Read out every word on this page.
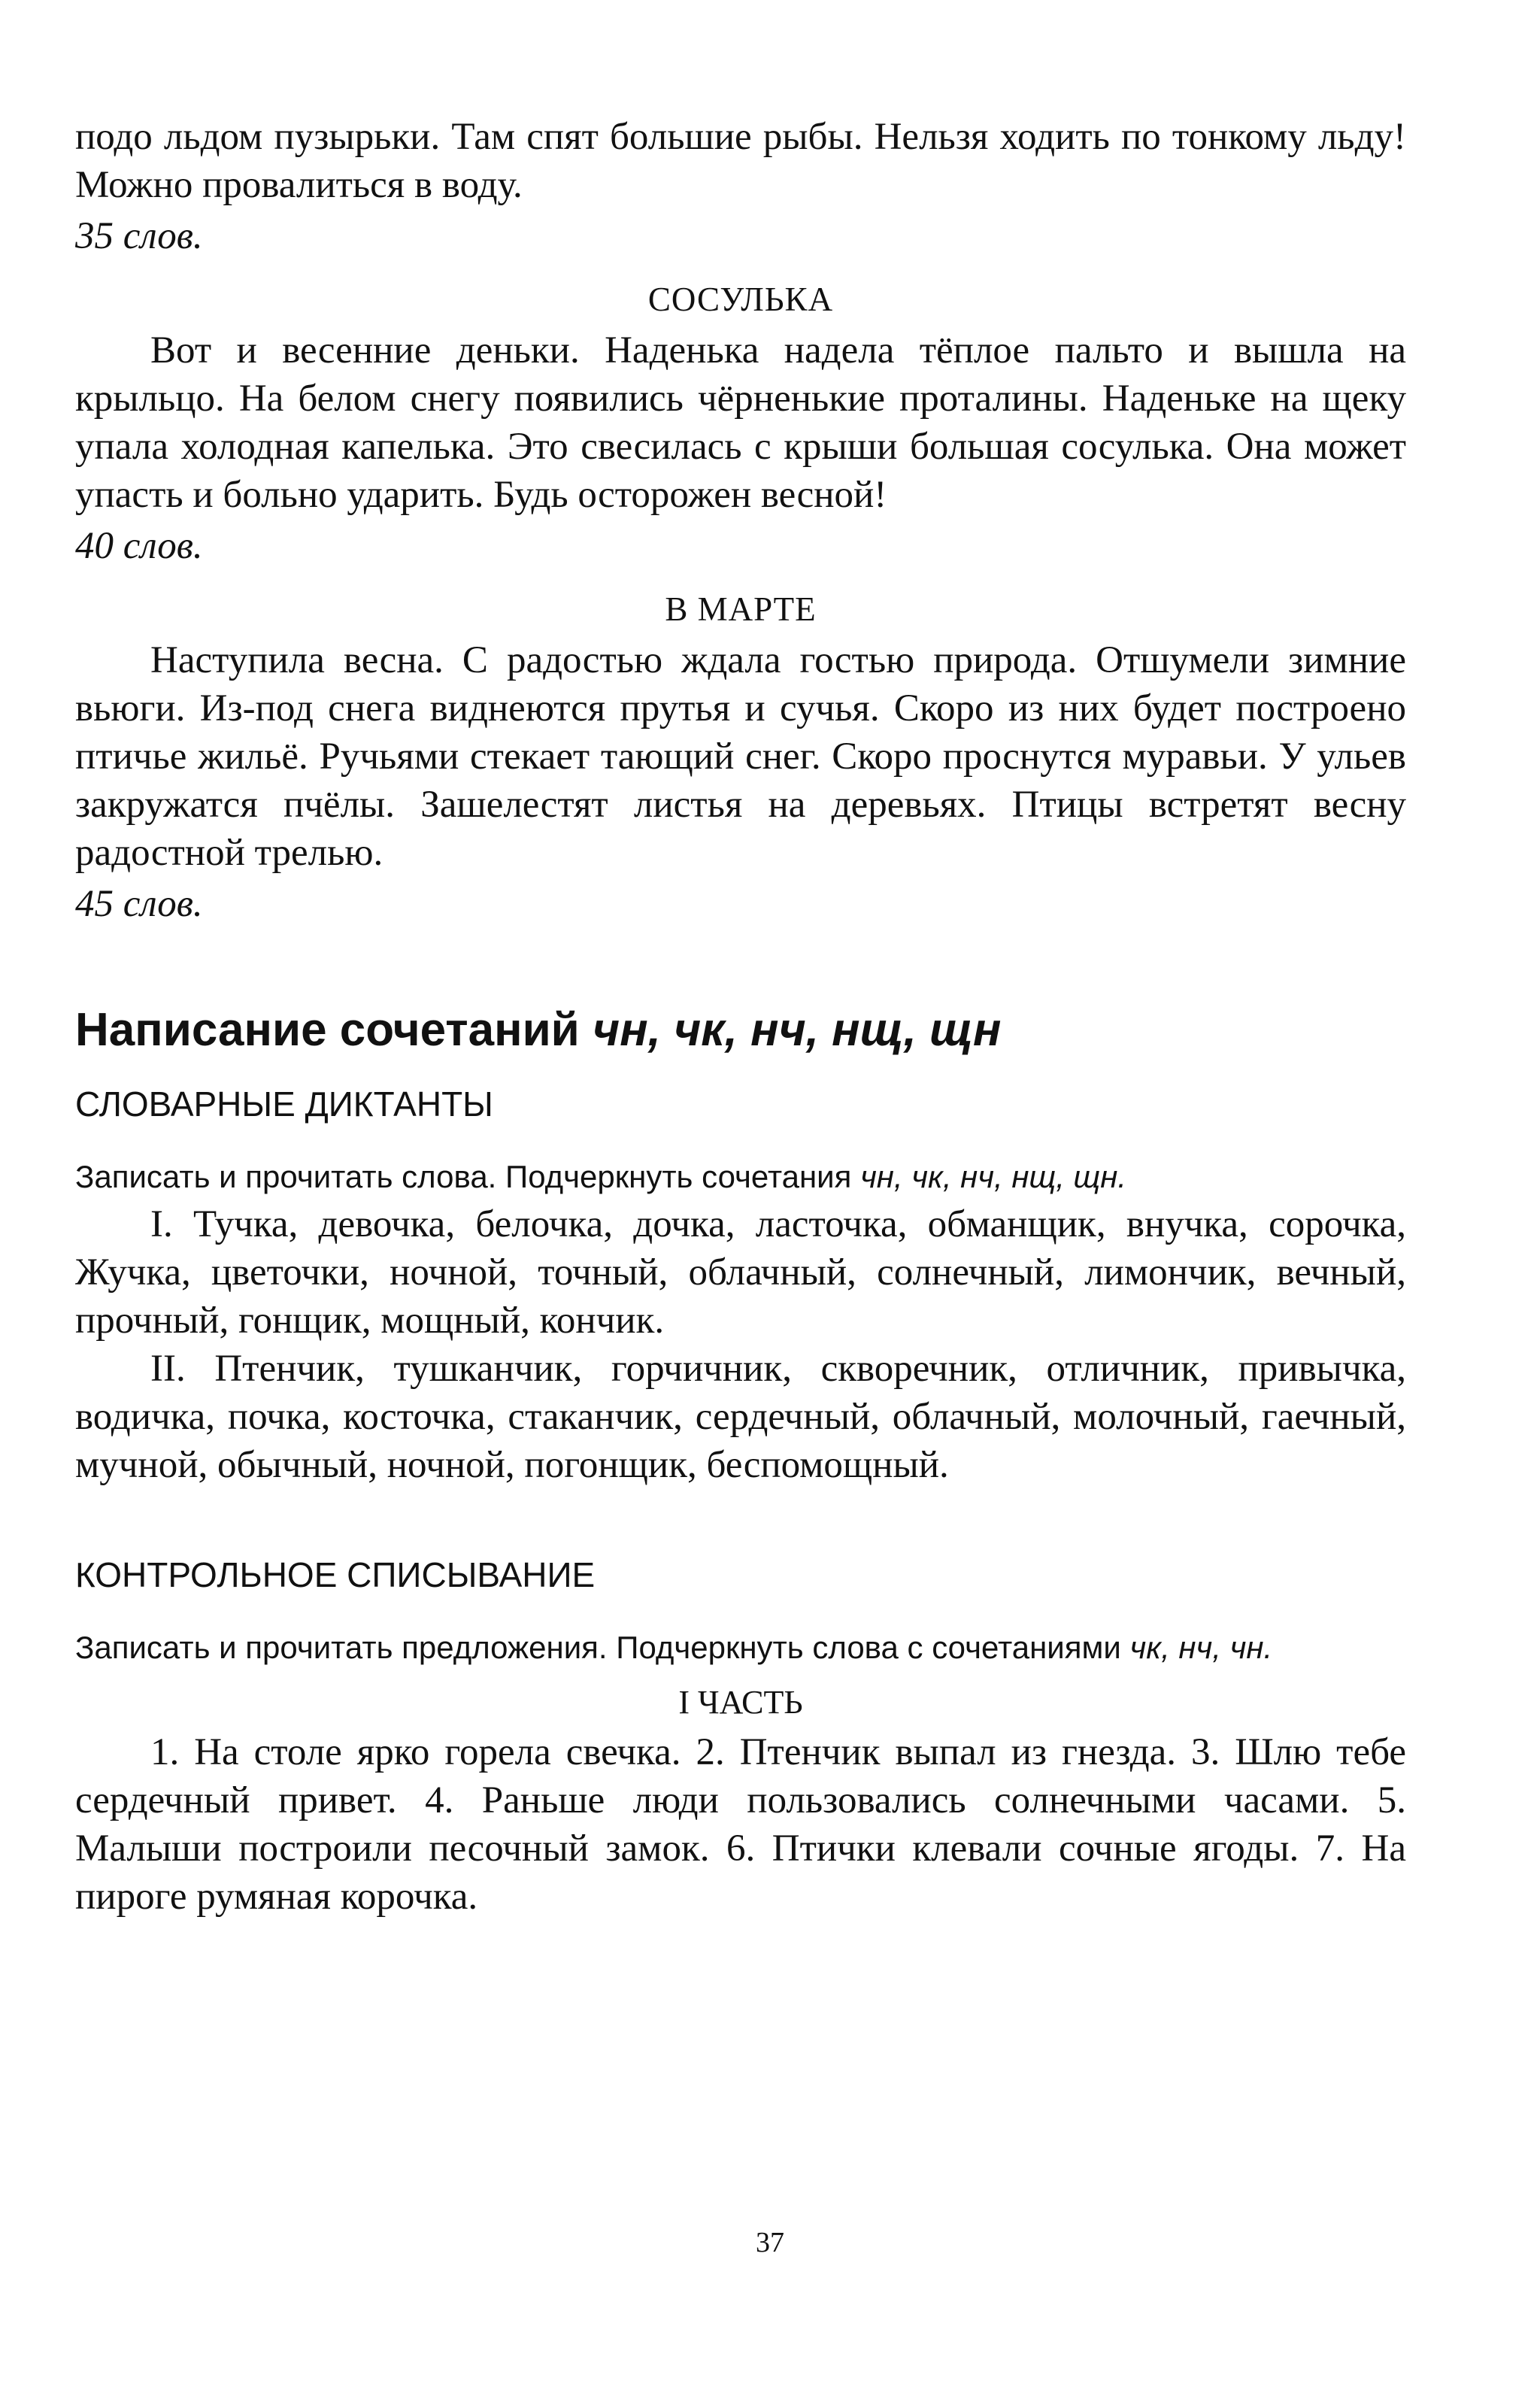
подо льдом пузырьки. Там спят большие рыбы. Нельзя ходить по тонкому льду! Можно провалиться в воду.

35 слов.

СОСУЛЬКА

Вот и весенние деньки. Наденька надела тёплое пальто и вышла на крыльцо. На белом снегу появились чёрненькие проталины. Наденьке на щеку упала холодная капелька. Это свесилась с крыши большая сосулька. Она может упасть и больно ударить. Будь осторожен весной!

40 слов.

В МАРТЕ

Наступила весна. С радостью ждала гостью природа. Отшумели зимние вьюги. Из-под снега виднеются прутья и сучья. Скоро из них будет построено птичье жильё. Ручьями стекает тающий снег. Скоро проснутся муравьи. У ульев закружатся пчёлы. Зашелестят листья на деревьях. Птицы встретят весну радостной трелью.

45 слов.

Написание сочетаний чн, чк, нч, нщ, щн
СЛОВАРНЫЕ ДИКТАНТЫ

Записать и прочитать слова. Подчеркнуть сочетания чн, чк, нч, нщ, щн.

I. Тучка, девочка, белочка, дочка, ласточка, обманщик, внучка, сорочка, Жучка, цветочки, ночной, точный, облачный, солнечный, лимончик, вечный, прочный, гонщик, мощный, кончик.

II. Птенчик, тушканчик, горчичник, скворечник, отличник, привычка, водичка, почка, косточка, стаканчик, сердечный, облачный, молочный, гаечный, мучной, обычный, ночной, погонщик, беспомощный.

КОНТРОЛЬНОЕ СПИСЫВАНИЕ

Записать и прочитать предложения. Подчеркнуть слова с сочетаниями чк, нч, чн.

I ЧАСТЬ

1. На столе ярко горела свечка. 2. Птенчик выпал из гнезда. 3. Шлю тебе сердечный привет. 4. Раньше люди пользовались солнечными часами. 5. Малыши построили песочный замок. 6. Птички клевали сочные ягоды. 7. На пироге румяная корочка.

37
